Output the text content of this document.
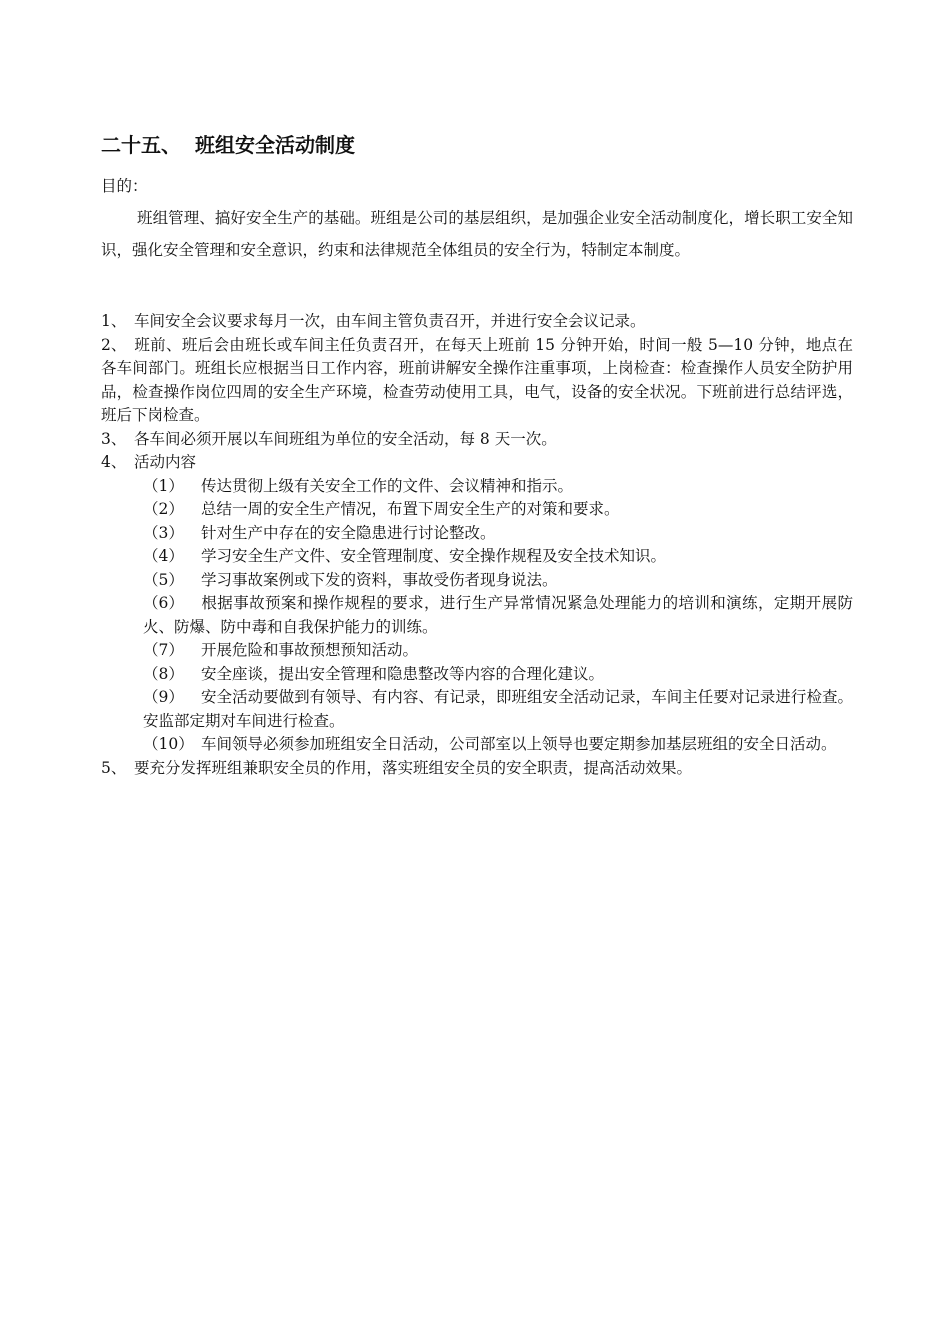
二十五、 班组安全活动制度
目的：
班组管理、搞好安全生产的基础。班组是公司的基层组织，是加强企业安全活动制度化，增长职工安全知识，强化安全管理和安全意识，约束和法律规范全体组员的安全行为，特制定本制度。
1、 车间安全会议要求每月一次，由车间主管负责召开，并进行安全会议记录。
2、 班前、班后会由班长或车间主任负责召开，在每天上班前 15 分钟开始，时间一般 5—10 分钟，地点在各车间部门。班组长应根据当日工作内容，班前讲解安全操作注重事项，上岗检查：检查操作人员安全防护用品，检查操作岗位四周的安全生产环境，检查劳动使用工具，电气，设备的安全状况。下班前进行总结评选，班后下岗检查。
3、 各车间必须开展以车间班组为单位的安全活动，每 8 天一次。
4、 活动内容
（1） 传达贯彻上级有关安全工作的文件、会议精神和指示。
（2） 总结一周的安全生产情况，布置下周安全生产的对策和要求。
（3） 针对生产中存在的安全隐患进行讨论整改。
（4） 学习安全生产文件、安全管理制度、安全操作规程及安全技术知识。
（5） 学习事故案例或下发的资料，事故受伤者现身说法。
（6） 根据事故预案和操作规程的要求，进行生产异常情况紧急处理能力的培训和演练，定期开展防火、防爆、防中毒和自我保护能力的训练。
（7） 开展危险和事故预想预知活动。
（8） 安全座谈，提出安全管理和隐患整改等内容的合理化建议。
（9） 安全活动要做到有领导、有内容、有记录，即班组安全活动记录，车间主任要对记录进行检查。安监部定期对车间进行检查。
（10） 车间领导必须参加班组安全日活动，公司部室以上领导也要定期参加基层班组的安全日活动。
5、 要充分发挥班组兼职安全员的作用，落实班组安全员的安全职责，提高活动效果。
